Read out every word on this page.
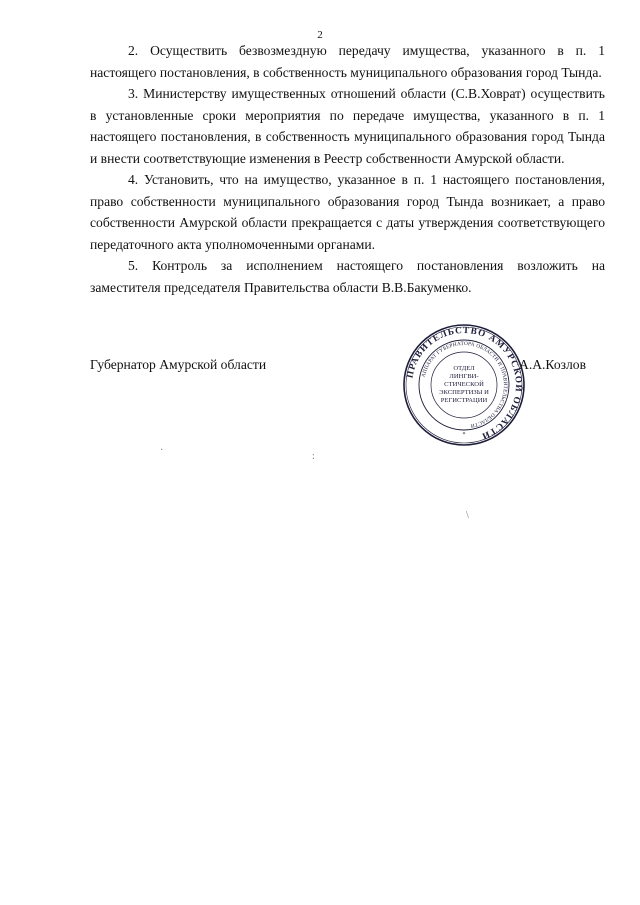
2

2. Осуществить безвозмездную передачу имущества, указанного в п. 1 настоящего постановления, в собственность муниципального образования город Тында.

3. Министерству имущественных отношений области (С.В.Ховрат) осуществить в установленные сроки мероприятия по передаче имущества, указанного в п. 1 настоящего постановления, в собственность муниципального образования город Тында и внести соответствующие изменения в Реестр собственности Амурской области.

4. Установить, что на имущество, указанное в п. 1 настоящего постановления, право собственности муниципального образования город Тында возникает, а право собственности Амурской области прекращается с даты утверждения соответствующего передаточного акта уполномоченными органами.

5. Контроль за исполнением настоящего постановления возложить на заместителя председателя Правительства области В.В.Бакуменко.

Губернатор Амурской области
ПРАВИТЕЛЬСТВО АМУРСКОЙ ОБЛАСТИ
АППАРАТ ГУБЕРНАТОРА ОБЛАСТИ И ПРАВИТЕЛЬСТВА ОБЛАСТИ
ОТДЕЛ
ЛИНГВИ-
СТИЧЕСКОЙ
ЭКСПЕРТИЗЫ И
РЕГИСТРАЦИИ
*
А.А.Козлов
·
:
\
